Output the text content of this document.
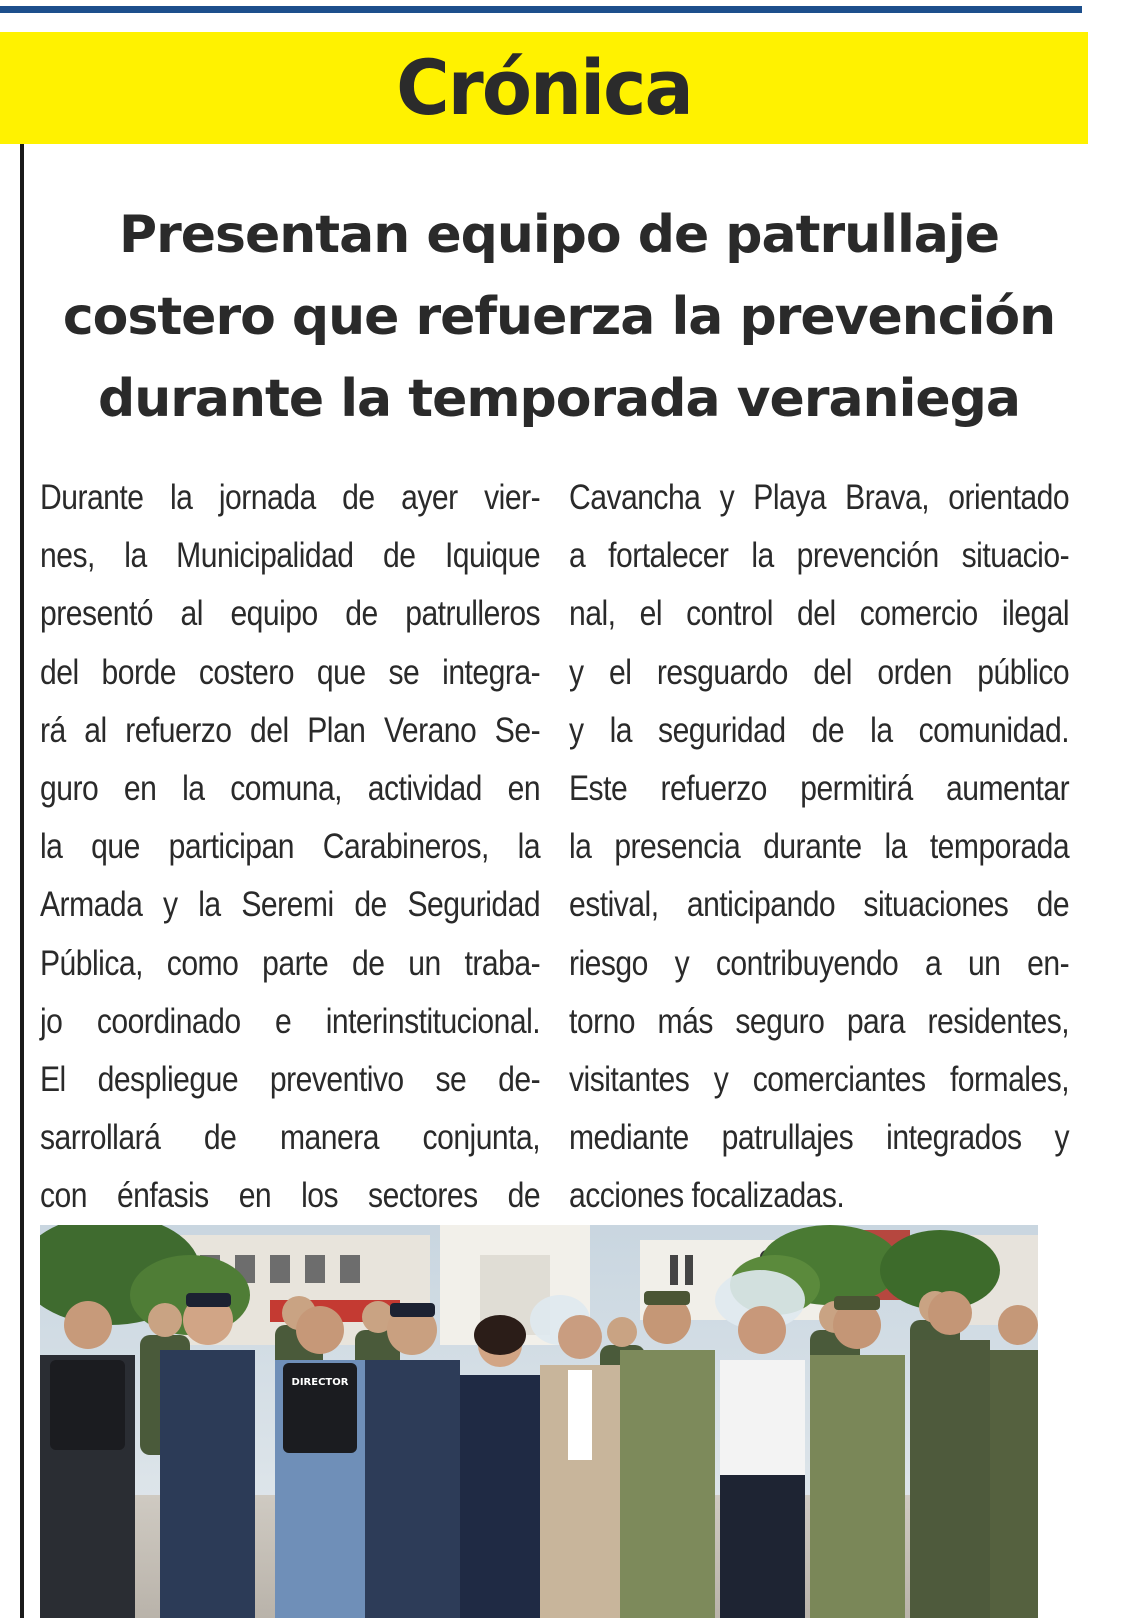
Crónica
Presentan equipo de patrullaje
costero que refuerza la prevención
durante la temporada veraniega
Durante la jornada de ayer vier-
nes, la Municipalidad de Iquique
presentó al equipo de patrulleros
del borde costero que se integra-
rá al refuerzo del Plan Verano Se-
guro en la comuna, actividad en
la que participan Carabineros, la
Armada y la Seremi de Seguridad
Pública, como parte de un traba-
jo coordinado e interinstitucional.
El despliegue preventivo se de-
sarrollará de manera conjunta,
con énfasis en los sectores de
Cavancha y Playa Brava, orientado
a fortalecer la prevención situacio-
nal, el control del comercio ilegal
y el resguardo del orden público
y la seguridad de la comunidad.
Este refuerzo permitirá aumentar
la presencia durante la temporada
estival, anticipando situaciones de
riesgo y contribuyendo a un en-
torno más seguro para residentes,
visitantes y comerciantes formales,
mediante patrullajes integrados y
acciones focalizadas.
DIRECTOR
